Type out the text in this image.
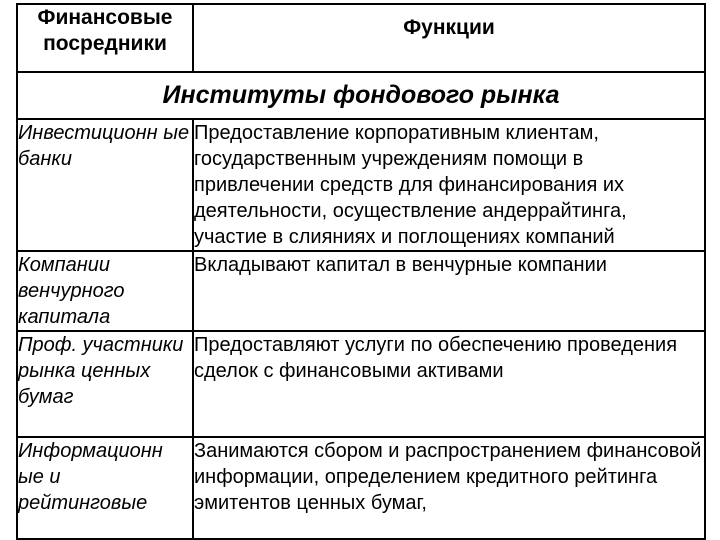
Финансовые посредники	Функции
Институты фондового рынка	
Инвестиционн ые банки	Предоставление корпоративным клиентам, государственным учреждениям помощи в привлечении средств для финансирования их деятельности, осуществление андеррайтинга, участие в слияниях и поглощениях компаний
Компании венчурного капитала	Вкладывают капитал в венчурные компании
Проф. участники рынка ценных бумаг	Предоставляют услуги по обеспечению проведения сделок с финансовыми активами
Информационн ые и рейтинговые	Занимаются сбором и распространением финансовой информации, определением кредитного рейтинга эмитентов ценных бумаг,
